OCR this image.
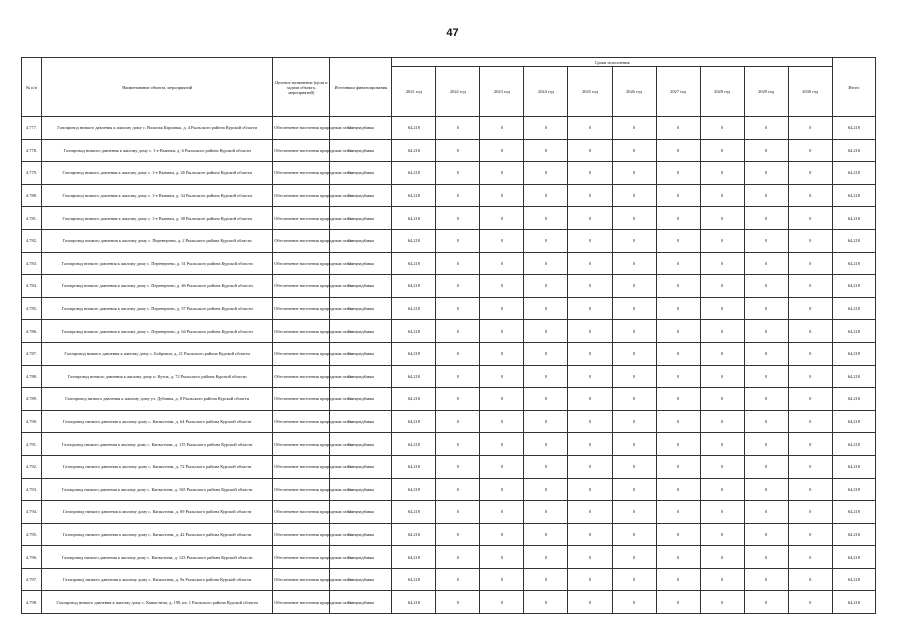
47
№ п/п	Наименование объекта, мероприятий	Целевое назначение (цели и задачи объекта, мероприятий)	Источники финансирования	Сроки исполнения										Итого
				2021 год	2022 год	2023 год	2024 год	2025 год	2026 год	2027 год	2028 год	2029 год	2030 год	
4.777.	Газопровод низкого давления к жилому дому с. Вольная Карловка, д. 4 Рыльского района Курской области	Обеспечение населения природным газом	Спецнадбавка	64,218	0	0	0	0	0	0	0	0	0	64,218
4.778.	Газопровод низкого давления к жилому дому с. 1-е Вьюнки, д. 6 Рыльского района Курской области	Обеспечение населения природным газом	Спецнадбавка	64,218	0	0	0	0	0	0	0	0	0	64,218
4.779.	Газопровод низкого давления к жилому дому с. 1-е Вьюнки, д. 26 Рыльского района Курской области	Обеспечение населения природным газом	Спецнадбавка	64,218	0	0	0	0	0	0	0	0	0	64,218
4.780.	Газопровод низкого давления к жилому дому с. 1-е Вьюнки, д. 34 Рыльского района Курской области	Обеспечение населения природным газом	Спецнадбавка	64,218	0	0	0	0	0	0	0	0	0	64,218
4.781.	Газопровод низкого давления к жилому дому с. 1-е Вьюнки, д. 38 Рыльского района Курской области	Обеспечение населения природным газом	Спецнадбавка	64,218	0	0	0	0	0	0	0	0	0	64,218
4.782.	Газопровод низкого давления к жилому дому с. Переверзево, д. 2 Рыльского района Курской области	Обеспечение населения природным газом	Спецнадбавка	64,218	0	0	0	0	0	0	0	0	0	64,218
4.783.	Газопровод низкого давления к жилому дому с. Переверзево, д. 31 Рыльского района Курской области	Обеспечение населения природным газом	Спецнадбавка	64,218	0	0	0	0	0	0	0	0	0	64,218
4.784.	Газопровод низкого давления к жилому дому с. Переверзево, д. 46 Рыльского района Курской области	Обеспечение населения природным газом	Спецнадбавка	64,218	0	0	0	0	0	0	0	0	0	64,218
4.785.	Газопровод низкого давления к жилому дому с. Переверзево, д. 57 Рыльского района Курской области	Обеспечение населения природным газом	Спецнадбавка	64,218	0	0	0	0	0	0	0	0	0	64,218
4.786.	Газопровод низкого давления к жилому дому с. Переверзево, д. 64 Рыльского района Курской области	Обеспечение населения природным газом	Спецнадбавка	64,218	0	0	0	0	0	0	0	0	0	64,218
4.787.	Газопровод низкого давления к жилому дому с. Бобрыши, д. 21 Рыльского района Курской области	Обеспечение населения природным газом	Спецнадбавка	64,218	0	0	0	0	0	0	0	0	0	64,218
4.788.	Газопровод низкого давления к жилому дому п. Куток, д. 72 Рыльского района Курской области	Обеспечение населения природным газом	Спецнадбавка	64,218	0	0	0	0	0	0	0	0	0	64,218
4.789.	Газопровод низкого давления к жилому дому ул. Дубинка, д. 8 Рыльского района Курской области	Обеспечение населения природным газом	Спецнадбавка	64,218	0	0	0	0	0	0	0	0	0	64,218
4.790.	Газопровод низкого давления к жилому дому с. Капыстичи, д. 64 Рыльского района Курской области	Обеспечение населения природным газом	Спецнадбавка	64,218	0	0	0	0	0	0	0	0	0	64,218
4.791.	Газопровод низкого давления к жилому дому с. Капыстичи, д. 115 Рыльского района Курской области	Обеспечение населения природным газом	Спецнадбавка	64,218	0	0	0	0	0	0	0	0	0	64,218
4.792.	Газопровод низкого давления к жилому дому с. Капыстичи, д. 72 Рыльского района Курской области	Обеспечение населения природным газом	Спецнадбавка	64,218	0	0	0	0	0	0	0	0	0	64,218
4.793.	Газопровод низкого давления к жилому дому с. Капыстичи, д. 165 Рыльского района Курской области	Обеспечение населения природным газом	Спецнадбавка	64,218	0	0	0	0	0	0	0	0	0	64,218
4.794.	Газопровод низкого давления к жилому дому с. Капыстичи, д. 69 Рыльского района Курской области	Обеспечение населения природным газом	Спецнадбавка	64,218	0	0	0	0	0	0	0	0	0	64,218
4.795.	Газопровод низкого давления к жилому дому с. Капыстичи, д. 42 Рыльского района Курской области	Обеспечение населения природным газом	Спецнадбавка	64,218	0	0	0	0	0	0	0	0	0	64,218
4.796.	Газопровод низкого давления к жилому дому с. Капыстичи, д. 123 Рыльского района Курской области	Обеспечение населения природным газом	Спецнадбавка	64,218	0	0	0	0	0	0	0	0	0	64,218
4.797.	Газопровод низкого давления к жилому дому с. Капыстичи, д. 9а Рыльского района Курской области	Обеспечение населения природным газом	Спецнадбавка	64,218	0	0	0	0	0	0	0	0	0	64,218
4.798.	Газопровод низкого давления к жилому дому с. Капыстичи, д. 199, кв. 1 Рыльского района Курской области	Обеспечение населения природным газом	Спецнадбавка	64,218	0	0	0	0	0	0	0	0	0	64,218
